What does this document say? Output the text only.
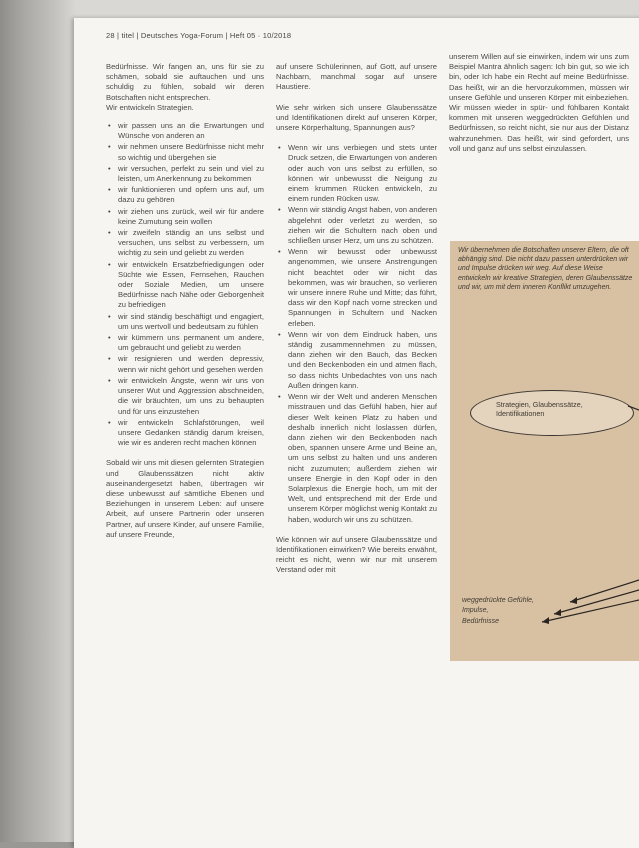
28 | titel | Deutsches Yoga-Forum | Heft 05 · 10/2018

Bedürfnisse. Wir fangen an, uns für sie zu schämen, sobald sie auftauchen und uns schuldig zu fühlen, sobald wir deren Botschaften nicht entsprechen.

Wir entwickeln Strategien.

• wir passen uns an die Erwartungen und Wünsche von anderen an
• wir nehmen unsere Bedürfnisse nicht mehr so wichtig und übergehen sie
• wir versuchen, perfekt zu sein und viel zu leisten, um Anerkennung zu bekommen
• wir funktionieren und opfern uns auf, um dazu zu gehören
• wir ziehen uns zurück, weil wir für andere keine Zumutung sein wollen
• wir zweifeln ständig an uns selbst und versuchen, uns selbst zu verbessern, um wichtig zu sein und geliebt zu werden
• wir entwickeln Ersatzbefriedigungen oder Süchte wie Essen, Fernsehen, Rauchen oder Soziale Medien, um unsere Bedürfnisse nach Nähe oder Geborgenheit zu befriedigen
• wir sind ständig beschäftigt und engagiert, um uns wertvoll und bedeutsam zu fühlen
• wir kümmern uns permanent um andere, um gebraucht und geliebt zu werden
• wir resignieren und werden depressiv, wenn wir nicht gehört und gesehen werden
• wir entwickeln Ängste, wenn wir uns von unserer Wut und Aggression abschneiden, die wir bräuchten, um uns zu behaupten und für uns einzustehen
• wir entwickeln Schlafstörungen, weil unsere Gedanken ständig darum kreisen, wie wir es anderen recht machen können

Sobald wir uns mit diesen gelernten Strategien und Glaubenssätzen nicht aktiv auseinandergesetzt haben, übertragen wir diese unbewusst auf sämtliche Ebenen und Beziehungen in unserem Leben: auf unsere Arbeit, auf unsere Partnerin oder unseren Partner, auf unsere Kinder, auf unsere Familie, auf unsere Freunde,

auf unsere Schülerinnen, auf Gott, auf unsere Nachbarn, manchmal sogar auf unsere Haustiere.

Wie sehr wirken sich unsere Glaubenssätze und Identifikationen direkt auf unseren Körper, unsere Körperhaltung, Spannungen aus?

• Wenn wir uns verbiegen und stets unter Druck setzen, die Erwartungen von anderen oder auch von uns selbst zu erfüllen, so können wir unbewusst die Neigung zu einem krummen Rücken entwickeln, zu einem runden Rücken usw.
• Wenn wir ständig Angst haben, von anderen abgelehnt oder verletzt zu werden, so ziehen wir die Schultern nach oben und schließen unser Herz, um uns zu schützen.
• Wenn wir bewusst oder unbewusst angenommen, wie unsere Anstrengungen nicht beachtet oder wir nicht das bekommen, was wir brauchen, so verlieren wir unsere innere Ruhe und Mitte; das führt, dass wir den Kopf nach vorne strecken und Spannungen in Schultern und Nacken erleben.
• Wenn wir von dem Eindruck haben, uns ständig zusammennehmen zu müssen, dann ziehen wir den Bauch, das Becken und den Beckenboden ein und atmen flach, so dass nichts Unbedachtes von uns nach Außen dringen kann.
• Wenn wir der Welt und anderen Menschen misstrauen und das Gefühl haben, hier auf dieser Welt keinen Platz zu haben und deshalb innerlich nicht loslassen dürfen, dann ziehen wir den Beckenboden nach oben, spannen unsere Arme und Beine an, um uns selbst zu halten und uns anderen nicht zuzumuten; außerdem ziehen wir unsere Energie in den Kopf oder in den Solarplexus die Energie hoch, um mit der Welt, und entsprechend mit der Erde und unserem Körper möglichst wenig Kontakt zu haben, wodurch wir uns zu schützen.

Wie können wir auf unsere Glaubenssätze und Identifikationen einwirken? Wie bereits erwähnt, reicht es nicht, wenn wir nur mit unserem Verstand oder mit

unserem Willen auf sie einwirken, indem wir uns zum Beispiel Mantra ähnlich sagen: Ich bin gut, so wie ich bin, oder Ich habe ein Recht auf meine Bedürfnisse. Das heißt, wir an die hervorzukommen, müssen wir unsere Gefühle und unseren Körper mit einbeziehen. Wir müssen wieder in spür- und fühlbaren Kontakt kommen mit unseren weggedrückten Gefühlen und Bedürfnissen, so reicht nicht, sie nur aus der Distanz wahrzunehmen. Das heißt, wir sind gefordert, uns voll und ganz auf uns selbst einzulassen.

Wir übernehmen die Botschaften unserer Eltern, die oft abhängig sind. Die nicht dazu passen unterdrücken wir und Impulse drücken wir weg. Auf diese Weise entwickeln wir kreative Strategien, deren Glaubenssätze und wir, um mit dem inneren Konflikt umzugehen.
Strategien, Glaubenssätze, Identifikationen
weggedrückte Gefühle,
Impulse,
Bedürfnisse
